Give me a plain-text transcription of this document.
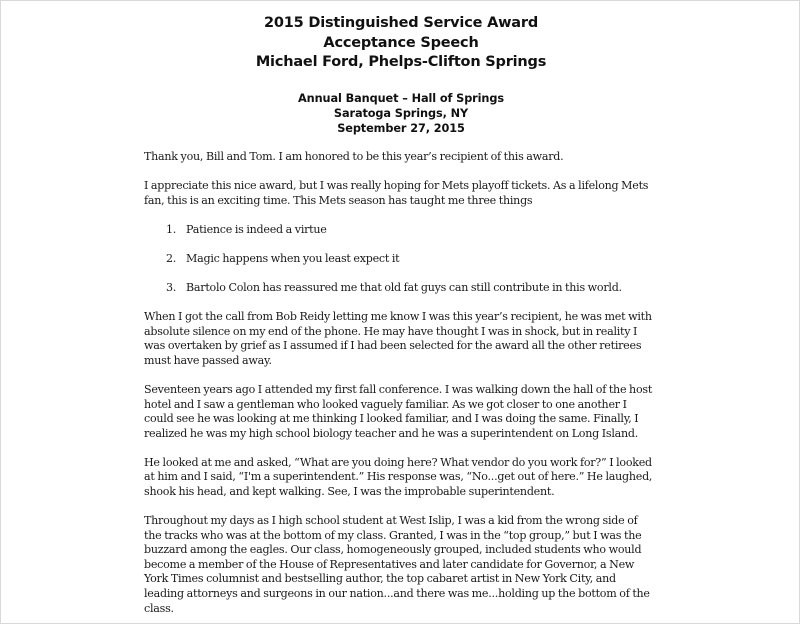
2015 Distinguished Service Award
Acceptance Speech
Michael Ford, Phelps-Clifton Springs
Annual Banquet – Hall of Springs
Saratoga Springs, NY
September 27, 2015

Thank you, Bill and Tom. I am honored to be this year’s recipient of this award.

I appreciate this nice award, but I was really hoping for Mets playoff tickets. As a lifelong Mets
fan, this is an exciting time. This Mets season has taught me three things

1. Patience is indeed a virtue
2. Magic happens when you least expect it
3. Bartolo Colon has reassured me that old fat guys can still contribute in this world.

When I got the call from Bob Reidy letting me know I was this year’s recipient, he was met with
absolute silence on my end of the phone. He may have thought I was in shock, but in reality I
was overtaken by grief as I assumed if I had been selected for the award all the other retirees
must have passed away.

Seventeen years ago I attended my first fall conference. I was walking down the hall of the host
hotel and I saw a gentleman who looked vaguely familiar. As we got closer to one another I
could see he was looking at me thinking I looked familiar, and I was doing the same. Finally, I
realized he was my high school biology teacher and he was a superintendent on Long Island.

He looked at me and asked, “What are you doing here? What vendor do you work for?” I looked
at him and I said, “I'm a superintendent.” His response was, “No...get out of here.” He laughed,
shook his head, and kept walking. See, I was the improbable superintendent.

Throughout my days as I high school student at West Islip, I was a kid from the wrong side of
the tracks who was at the bottom of my class. Granted, I was in the “top group,” but I was the
buzzard among the eagles. Our class, homogeneously grouped, included students who would
become a member of the House of Representatives and later candidate for Governor, a New
York Times columnist and bestselling author, the top cabaret artist in New York City, and
leading attorneys and surgeons in our nation...and there was me...holding up the bottom of the
class.
